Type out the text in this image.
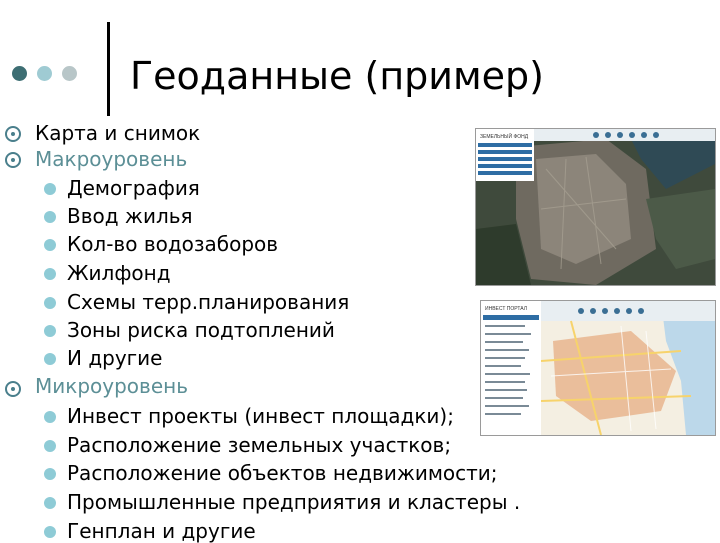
Геоданные (пример)
Карта и снимок
Макроуровень
Демография
Ввод жилья
Кол-во водозаборов
Жилфонд
Схемы терр.планирования
Зоны риска подтоплений
И другие
Микроуровень
Инвест проекты (инвест площадки);
Расположение земельных участков;
Расположение объектов недвижимости;
Промышленные предприятия и кластеры .
Генплан и другие
ЗЕМЕЛЬНЫЙ ФОНД
ИНВЕСТ ПОРТАЛ
